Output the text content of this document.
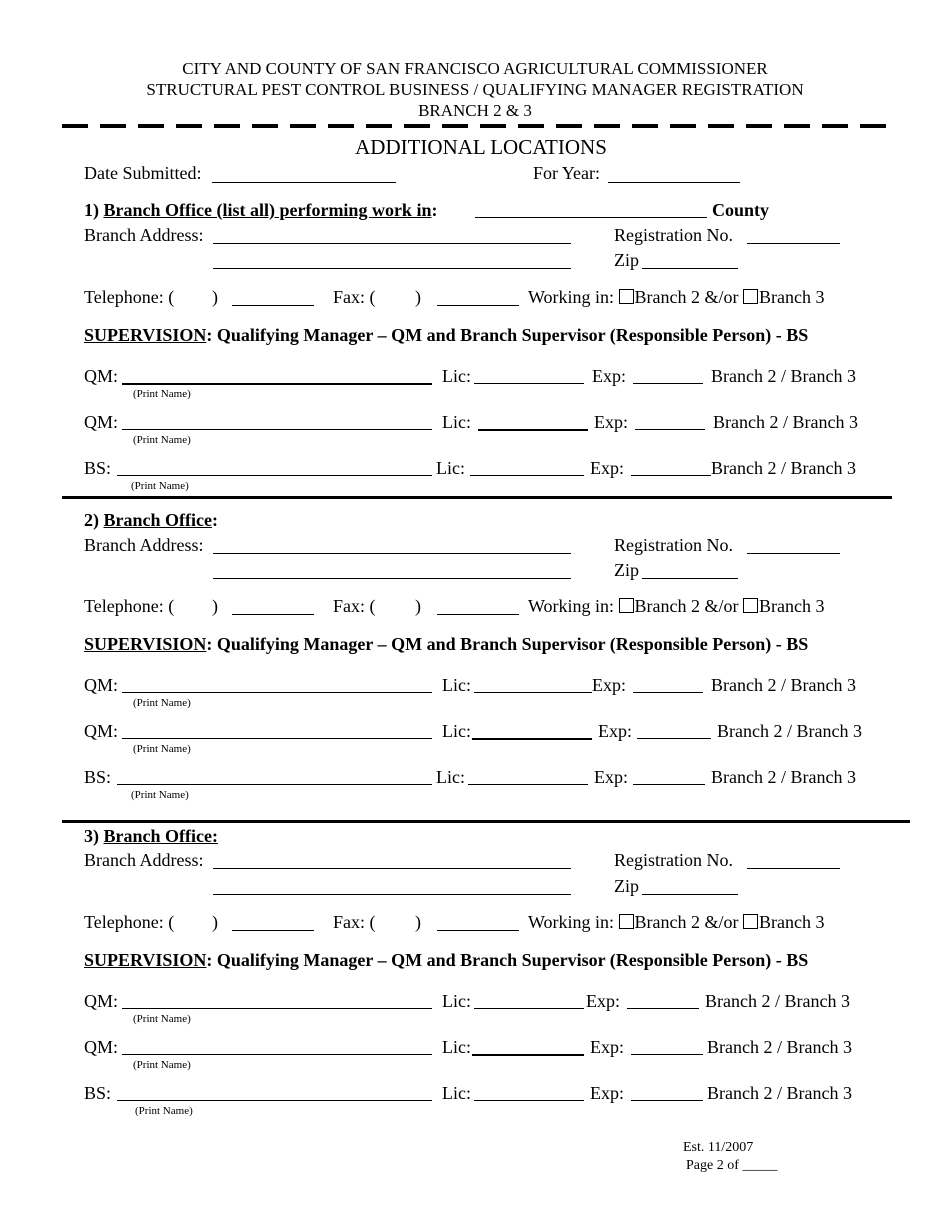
CITY AND COUNTY OF SAN FRANCISCO AGRICULTURAL COMMISSIONER
STRUCTURAL PEST CONTROL BUSINESS / QUALIFYING MANAGER REGISTRATION
BRANCH 2 & 3
ADDITIONAL LOCATIONS
Date Submitted:	For Year:
1) Branch Office (list all) performing work in:	County
Branch Address:	Registration No.
Zip
Telephone: ( )	Fax: ( )	Working in: Branch 2 &/or Branch 3
SUPERVISION: Qualifying Manager – QM and Branch Supervisor (Responsible Person) - BS
QM:
(Print Name)
Lic:	Exp:	Branch 2 / Branch 3
QM:
(Print Name)
Lic:	Exp:	Branch 2 / Branch 3
BS:
(Print Name)
Lic:	Exp:	Branch 2 / Branch 3
2) Branch Office:
Branch Address:	Registration No.
Zip
Telephone: ( )	Fax: ( )	Working in: Branch 2 &/or Branch 3
SUPERVISION: Qualifying Manager – QM and Branch Supervisor (Responsible Person) - BS
QM:
(Print Name)
Lic:	Exp:	Branch 2 / Branch 3
QM:
(Print Name)
Lic:	Exp:	Branch 2 / Branch 3
BS:
(Print Name)
Lic:	Exp:	Branch 2 / Branch 3
3) Branch Office:
Branch Address:	Registration No.
Zip
Telephone: ( )	Fax: ( )	Working in: Branch 2 &/or Branch 3
SUPERVISION: Qualifying Manager – QM and Branch Supervisor (Responsible Person) - BS
QM:
(Print Name)
Lic:	Exp:	Branch 2 / Branch 3
QM:
(Print Name)
Lic:	Exp:	Branch 2 / Branch 3
BS:
(Print Name)
Lic:	Exp:	Branch 2 / Branch 3
Est. 11/2007
Page 2 of _____
